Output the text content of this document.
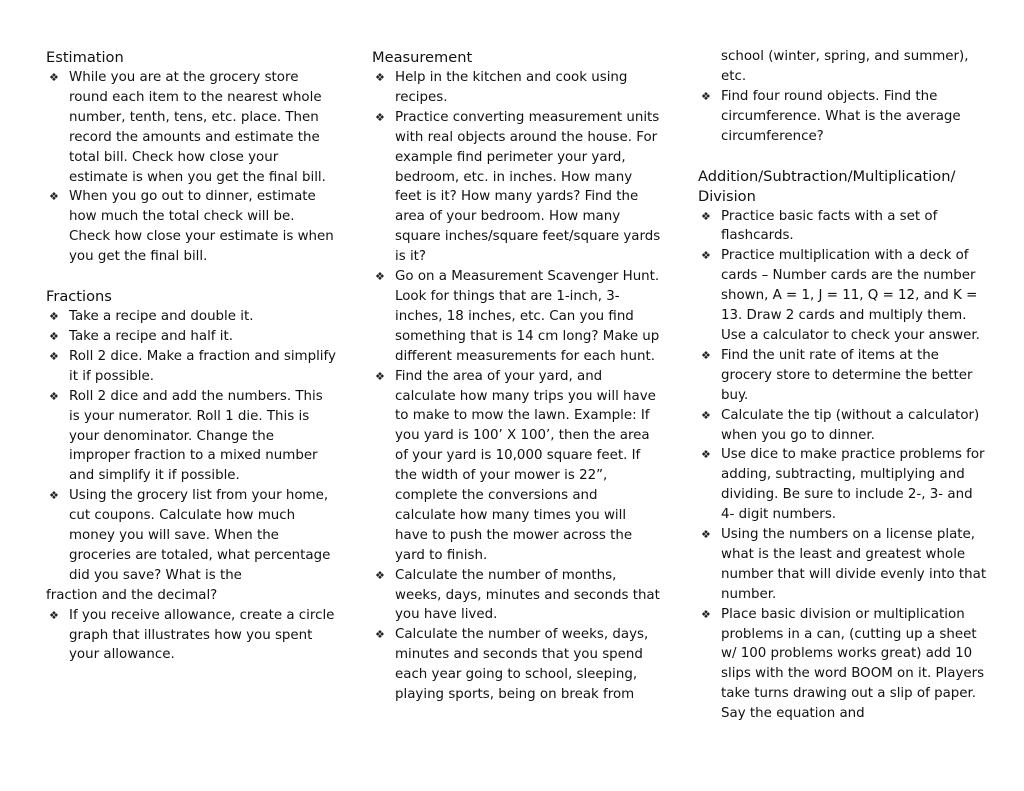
Estimation
❖ While you are at the grocery store round each item to the nearest whole number, tenth, tens, etc. place. Then record the amounts and estimate the total bill. Check how close your estimate is when you get the final bill.
❖ When you go out to dinner, estimate how much the total check will be. Check how close your estimate is when you get the final bill.
Fractions
❖ Take a recipe and double it.
❖ Take a recipe and half it.
❖ Roll 2 dice. Make a fraction and simplify it if possible.
❖ Roll 2 dice and add the numbers. This is your numerator. Roll 1 die. This is your denominator. Change the improper fraction to a mixed number and simplify it if possible.
❖ Using the grocery list from your home, cut coupons. Calculate how much money you will save. When the groceries are totaled, what percentage did you save? What is the
fraction and the decimal?
❖ If you receive allowance, create a circle graph that illustrates how you spent your allowance.
Measurement
❖ Help in the kitchen and cook using recipes.
❖ Practice converting measurement units with real objects around the house. For example find perimeter your yard, bedroom, etc. in inches. How many feet is it? How many yards? Find the area of your bedroom. How many square inches/square feet/square yards is it?
❖ Go on a Measurement Scavenger Hunt. Look for things that are 1-inch, 3-inches, 18 inches, etc. Can you find something that is 14 cm long? Make up different measurements for each hunt.
❖ Find the area of your yard, and calculate how many trips you will have to make to mow the lawn. Example: If you yard is 100’ X 100’, then the area of your yard is 10,000 square feet. If the width of your mower is 22”, complete the conversions and calculate how many times you will have to push the mower across the yard to finish.
❖ Calculate the number of months, weeks, days, minutes and seconds that you have lived.
❖ Calculate the number of weeks, days, minutes and seconds that you spend each year going to school, sleeping, playing sports, being on break from
school (winter, spring, and summer), etc.
❖ Find four round objects. Find the circumference. What is the average circumference?
Addition/Subtraction/Multiplication/ Division
❖ Practice basic facts with a set of flashcards.
❖ Practice multiplication with a deck of cards – Number cards are the number shown, A = 1, J = 11, Q = 12, and K = 13. Draw 2 cards and multiply them. Use a calculator to check your answer.
❖ Find the unit rate of items at the grocery store to determine the better buy.
❖ Calculate the tip (without a calculator) when you go to dinner.
❖ Use dice to make practice problems for adding, subtracting, multiplying and dividing. Be sure to include 2-, 3- and 4- digit numbers.
❖ Using the numbers on a license plate, what is the least and greatest whole number that will divide evenly into that number.
❖ Place basic division or multiplication problems in a can, (cutting up a sheet w/ 100 problems works great) add 10 slips with the word BOOM on it. Players take turns drawing out a slip of paper. Say the equation and
